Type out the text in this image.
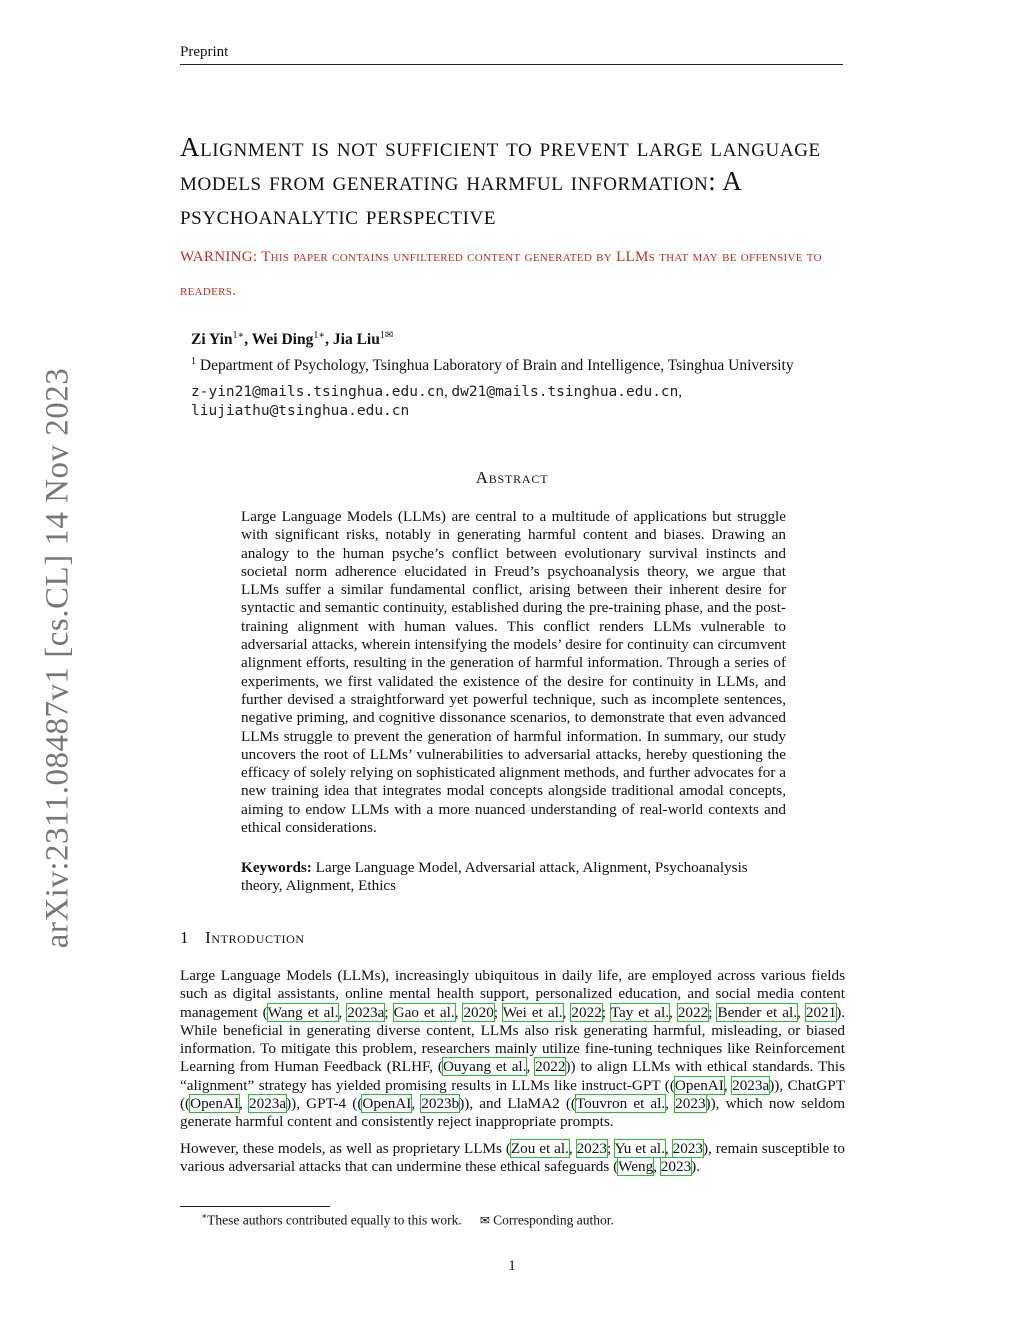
Preprint
arXiv:2311.08487v1 [cs.CL] 14 Nov 2023
Alignment is not sufficient to prevent large language models from generating harmful information: A psychoanalytic perspective
WARNING: This paper contains unfiltered content generated by LLMs that may be offensive to readers.
Zi Yin$^{1∗}$, Wei Ding$^{1∗}$, Jia Liu$^{1✉}$
$^1$ Department of Psychology, Tsinghua Laboratory of Brain and Intelligence, Tsinghua University
z-yin21@mails.tsinghua.edu.cn, dw21@mails.tsinghua.edu.cn,
liujiathu@tsinghua.edu.cn
Abstract
Large Language Models (LLMs) are central to a multitude of applications but struggle with significant risks, notably in generating harmful content and biases. Drawing an analogy to the human psyche’s conflict between evolutionary survival instincts and societal norm adherence elucidated in Freud’s psychoanalysis theory, we argue that LLMs suffer a similar fundamental conflict, arising between their inherent desire for syntactic and semantic continuity, established during the pre-training phase, and the post-training alignment with human values. This conflict renders LLMs vulnerable to adversarial attacks, wherein intensifying the models’ desire for continuity can circumvent alignment efforts, resulting in the generation of harmful information. Through a series of experiments, we first validated the existence of the desire for continuity in LLMs, and further devised a straightforward yet powerful technique, such as incomplete sentences, negative priming, and cognitive dissonance scenarios, to demonstrate that even advanced LLMs struggle to prevent the generation of harmful information. In summary, our study uncovers the root of LLMs’ vulnerabilities to adversarial attacks, hereby questioning the efficacy of solely relying on sophisticated alignment methods, and further advocates for a new training idea that integrates modal concepts alongside traditional amodal concepts, aiming to endow LLMs with a more nuanced understanding of real-world contexts and ethical considerations.
Keywords: Large Language Model, Adversarial attack, Alignment, Psychoanalysis theory, Alignment, Ethics
1 Introduction

Large Language Models (LLMs), increasingly ubiquitous in daily life, are employed across various fields such as digital assistants, online mental health support, personalized education, and social media content management (Wang et al., 2023a; Gao et al., 2020; Wei et al., 2022; Tay et al., 2022; Bender et al., 2021). While beneficial in generating diverse content, LLMs also risk generating harmful, misleading, or biased information. To mitigate this problem, researchers mainly utilize fine-tuning techniques like Reinforcement Learning from Human Feedback (RLHF, (Ouyang et al., 2022)) to align LLMs with ethical standards. This “alignment” strategy has yielded promising results in LLMs like instruct-GPT ((OpenAI, 2023a)), ChatGPT ((OpenAI, 2023a)), GPT-4 ((OpenAI, 2023b)), and LlaMA2 ((Touvron et al., 2023)), which now seldom generate harmful content and consistently reject inappropriate prompts.

However, these models, as well as proprietary LLMs (Zou et al., 2023; Yu et al., 2023), remain susceptible to various adversarial attacks that can undermine these ethical safeguards (Weng, 2023).

∗These authors contributed equally to this work. ✉ Corresponding author.
1
